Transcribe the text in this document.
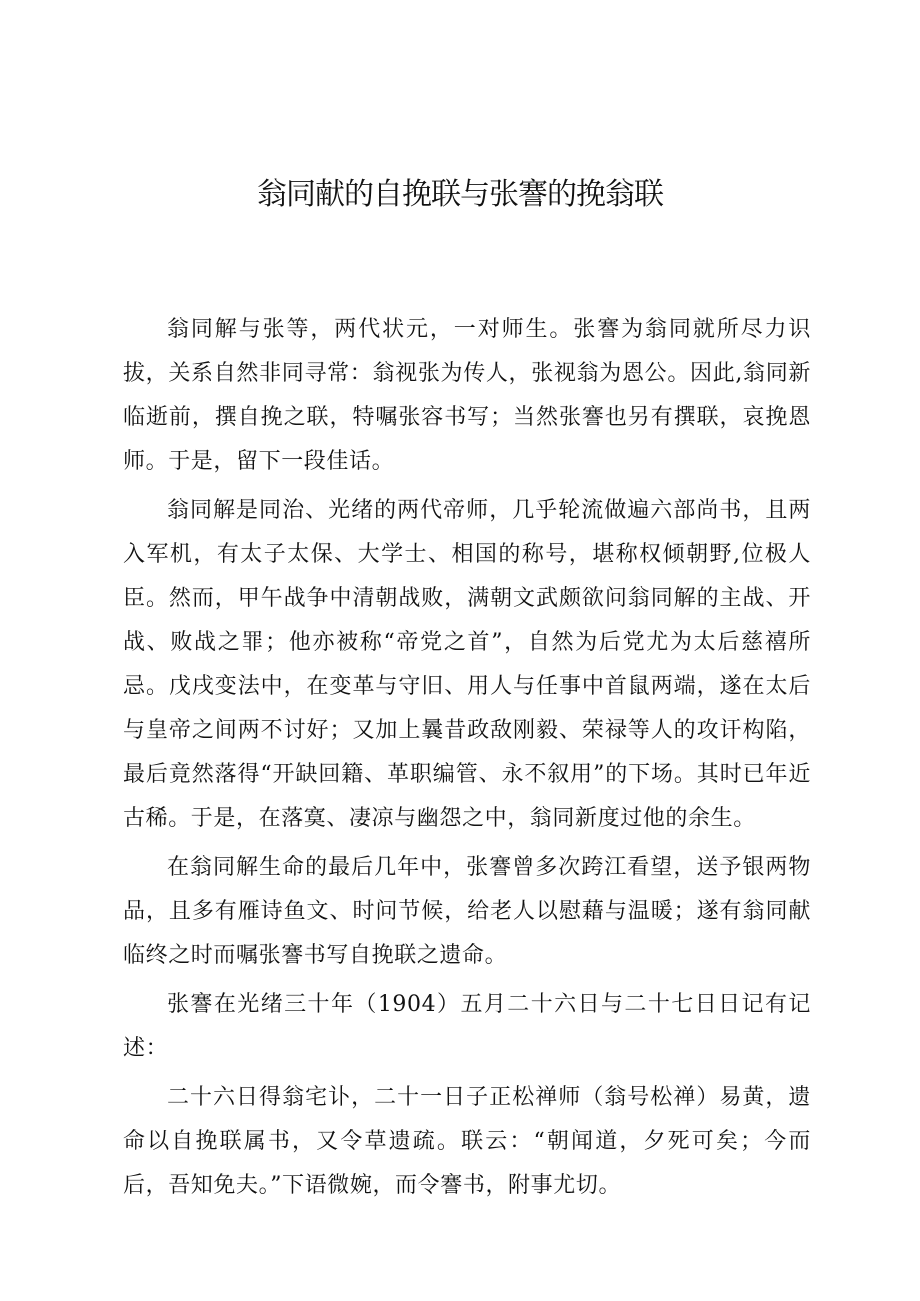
翁同献的自挽联与张謇的挽翁联

翁同解与张等，两代状元，一对师生。张謇为翁同就所尽力识拔，关系自然非同寻常：翁视张为传人，张视翁为恩公。因此,翁同新临逝前，撰自挽之联，特嘱张容书写；当然张謇也另有撰联，哀挽恩师。于是，留下一段佳话。

翁同解是同治、光绪的两代帝师，几乎轮流做遍六部尚书，且两入军机，有太子太保、大学士、相国的称号，堪称权倾朝野,位极人臣。然而，甲午战争中清朝战败，满朝文武颇欲问翁同解的主战、开战、败战之罪；他亦被称“帝党之首”，自然为后党尤为太后慈禧所忌。戊戌变法中，在变革与守旧、用人与任事中首鼠两端，遂在太后与皇帝之间两不讨好；又加上曩昔政敌刚毅、荣禄等人的攻讦构陷，最后竟然落得“开缺回籍、革职编管、永不叙用”的下场。其时已年近古稀。于是，在落寞、凄凉与幽怨之中，翁同新度过他的余生。

在翁同解生命的最后几年中，张謇曾多次跨江看望，送予银两物品，且多有雁诗鱼文、时问节候，给老人以慰藉与温暖；遂有翁同献临终之时而嘱张謇书写自挽联之遗命。

张謇在光绪三十年（1904）五月二十六日与二十七日日记有记述：

二十六日得翁宅讣，二十一日子正松禅师（翁号松禅）易黄，遗命以自挽联属书，又令草遗疏。联云：“朝闻道，夕死可矣；今而后，吾知免夫。”下语微婉，而令謇书，附事尤切。
